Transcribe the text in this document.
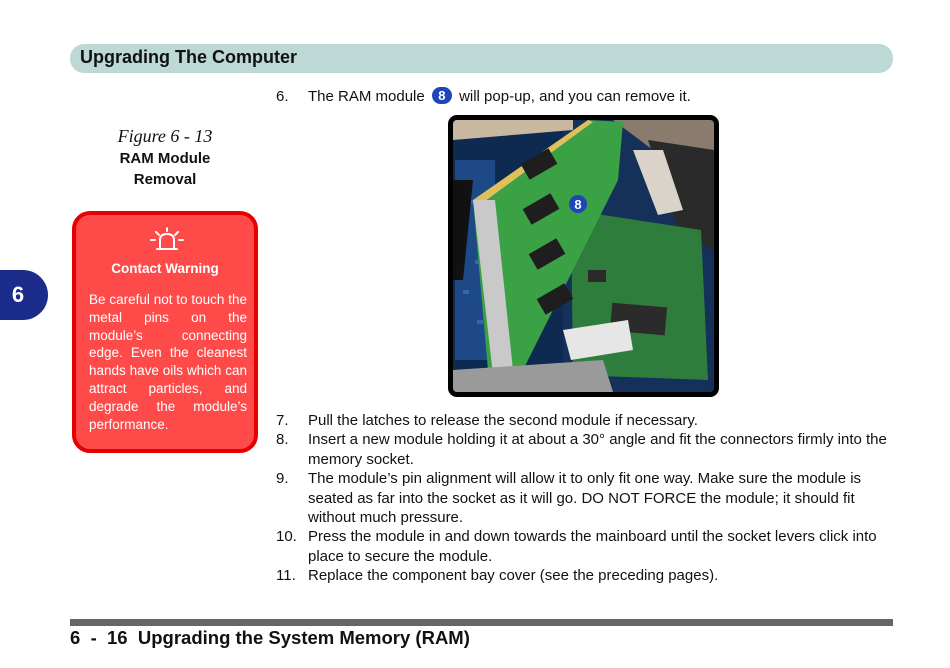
Upgrading The Computer
6
Figure 6 - 13
RAM Module
Removal
Contact Warning
Be careful not to touch the metal pins on the module’s connecting edge. Even the cleanest hands have oils which can attract particles, and degrade the module’s performance.
6. The RAM module 8 will pop-up, and you can remove it.
8
7. Pull the latches to release the second module if necessary.
8. Insert a new module holding it at about a 30° angle and fit the connectors firmly into the memory socket.
9. The module’s pin alignment will allow it to only fit one way. Make sure the module is seated as far into the socket as it will go. DO NOT FORCE the module; it should fit without much pressure.
10. Press the module in and down towards the mainboard until the socket levers click into place to secure the module.
11. Replace the component bay cover (see the preceding pages).
6  -  16 Upgrading the System Memory (RAM)
